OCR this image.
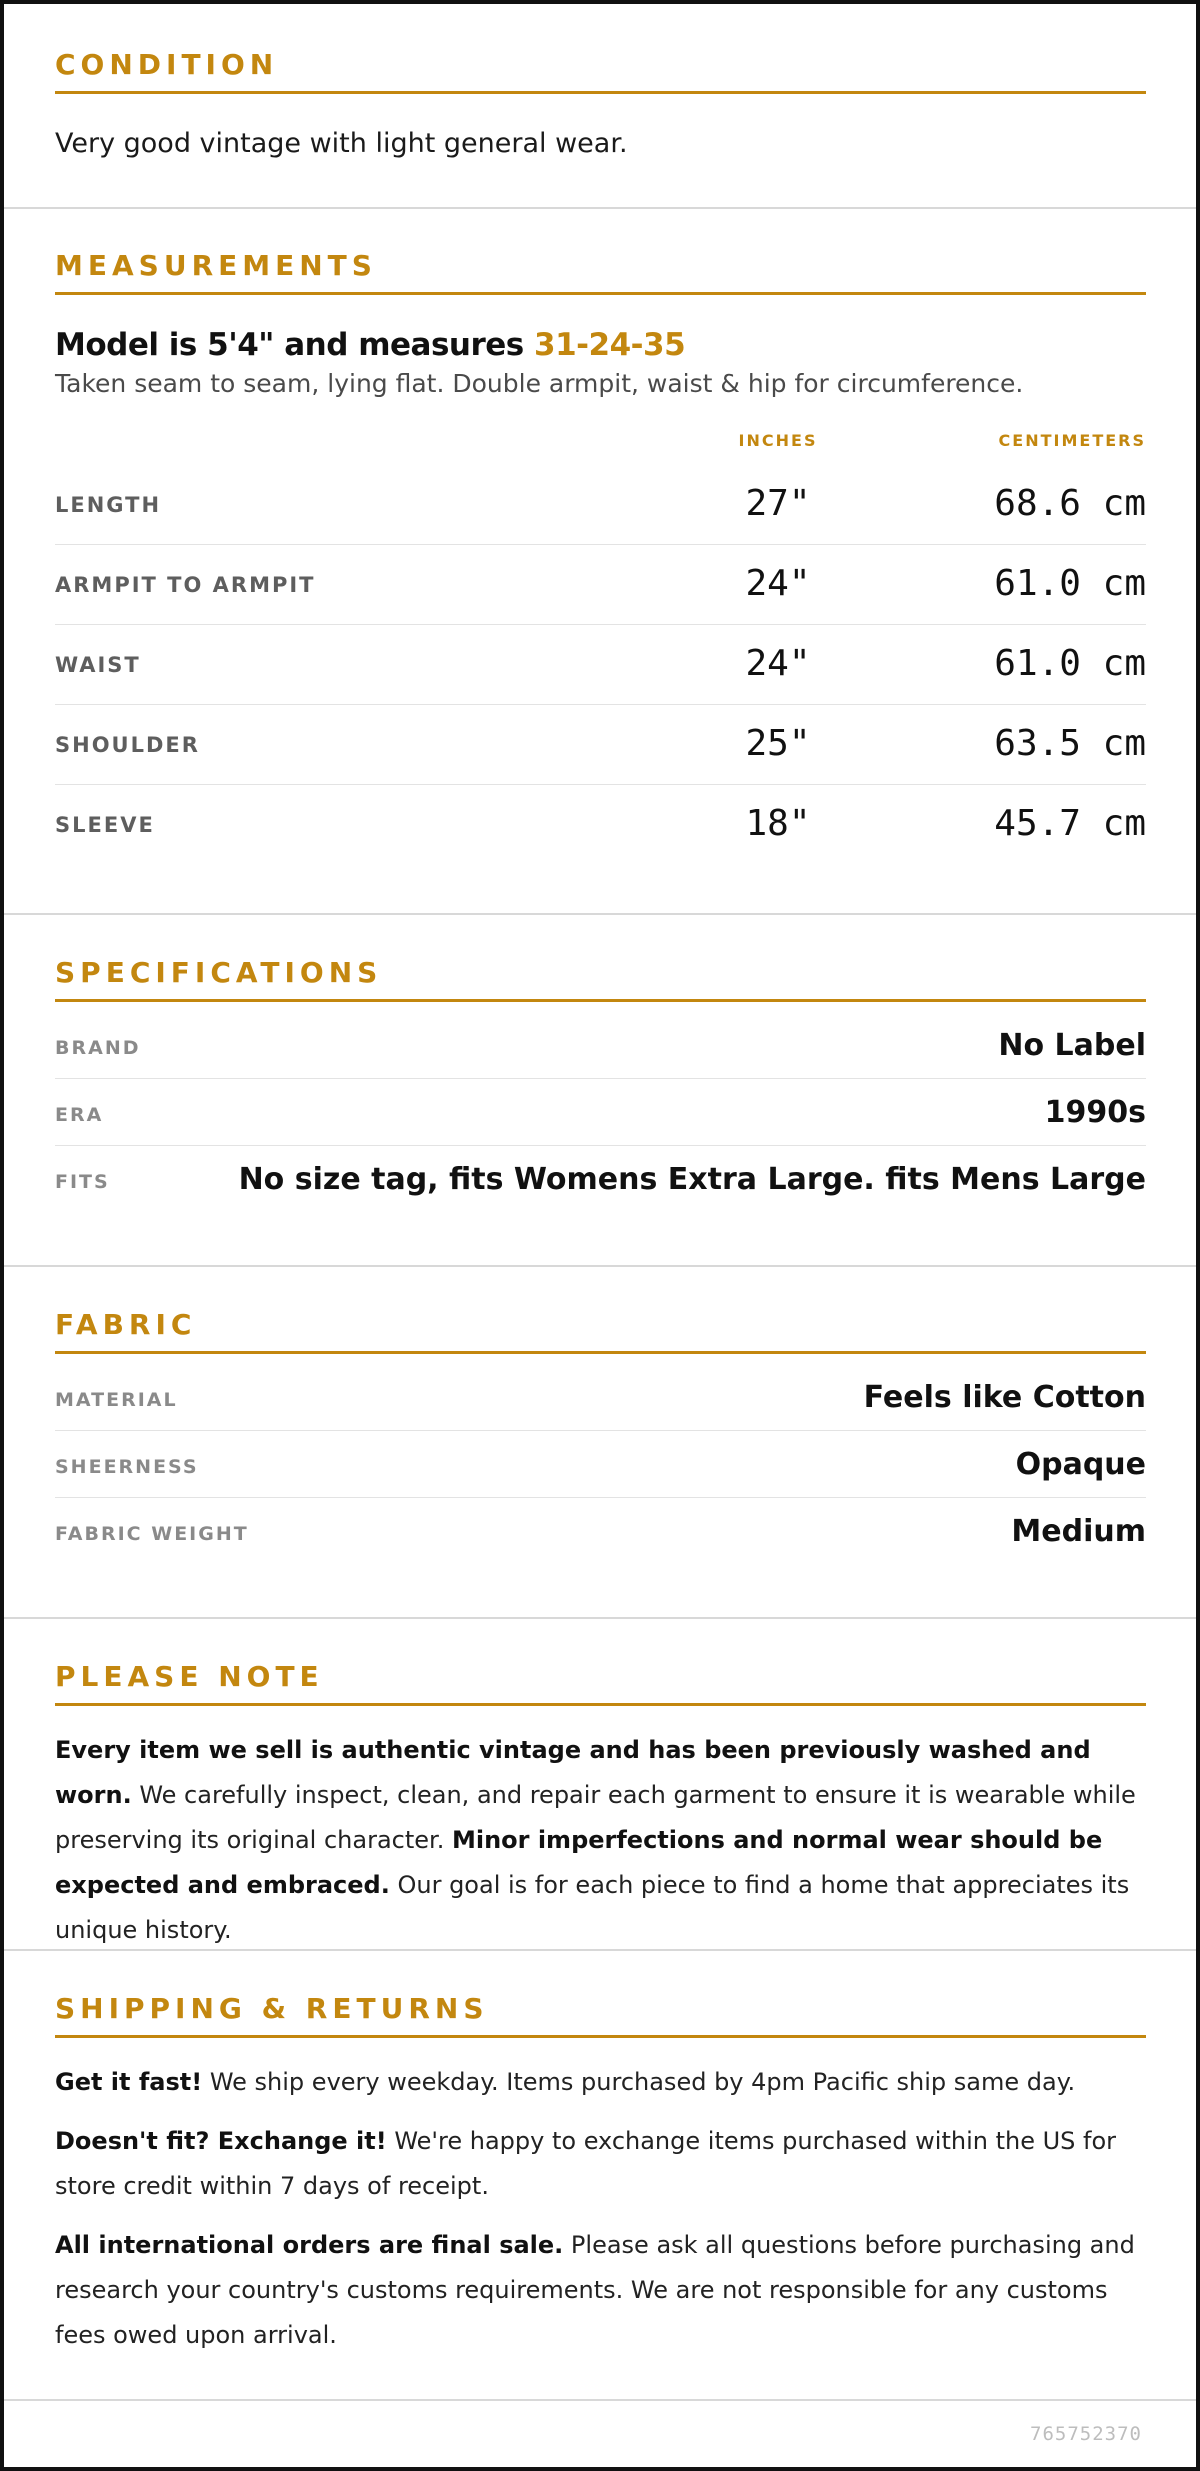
CONDITION
Very good vintage with light general wear.
MEASUREMENTS
Model is 5'4" and measures 31-24-35
Taken seam to seam, lying flat. Double armpit, waist & hip for circumference.
INCHES	CENTIMETERS
LENGTH	27"	68.6 cm
ARMPIT TO ARMPIT	24"	61.0 cm
WAIST	24"	61.0 cm
SHOULDER	25"	63.5 cm
SLEEVE	18"	45.7 cm
SPECIFICATIONS
BRAND	No Label
ERA	1990s
FITS	No size tag, fits Womens Extra Large. fits Mens Large
FABRIC
MATERIAL	Feels like Cotton
SHEERNESS	Opaque
FABRIC WEIGHT	Medium
PLEASE NOTE

Every item we sell is authentic vintage and has been previously washed and worn. We carefully inspect, clean, and repair each garment to ensure it is wearable while preserving its original character. Minor imperfections and normal wear should be expected and embraced. Our goal is for each piece to find a home that appreciates its unique history.

SHIPPING & RETURNS

Get it fast! We ship every weekday. Items purchased by 4pm Pacific ship same day.

Doesn't fit? Exchange it! We're happy to exchange items purchased within the US for store credit within 7 days of receipt.

All international orders are final sale. Please ask all questions before purchasing and research your country's customs requirements. We are not responsible for any customs fees owed upon arrival.

765752370
